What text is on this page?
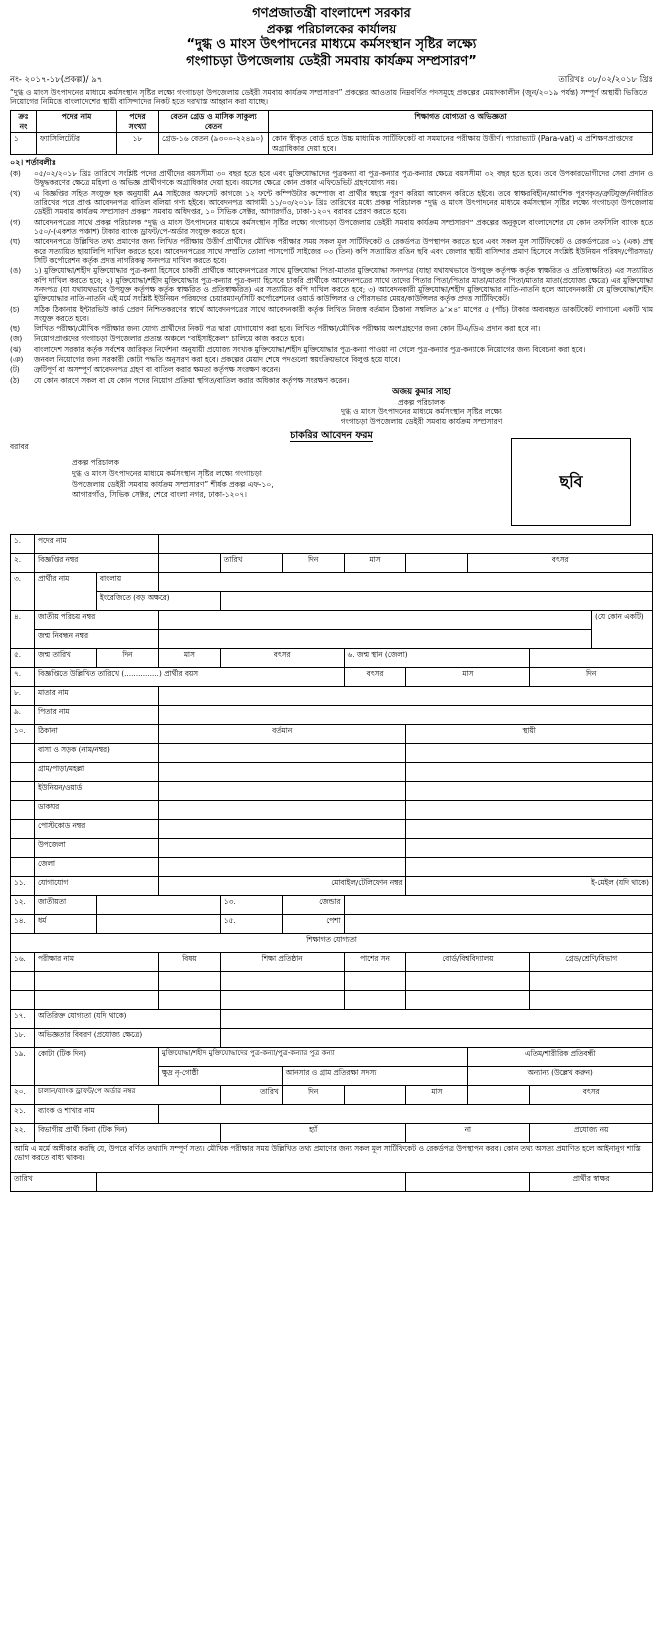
গণপ্রজাতন্ত্রী বাংলাদেশ সরকার
প্রকল্প পরিচালকের কার্যালয়
“দুগ্ধ ও মাংস উৎপাদনের মাধ্যমে কর্মসংস্থান সৃষ্টির লক্ষ্যে
গংগাচড়া উপজেলায় ডেইরী সমবায় কার্যক্রম সম্প্রসারণ”
নং- ২০১৭-১৮(প্রকল্প)/ ৯৭	তারিখঃ ০৮/০২/২০১৮ খ্রিঃ
“দুগ্ধ ও মাংস উৎপাদনের মাধ্যমে কর্মসংস্থান সৃষ্টির লক্ষ্যে গংগাচড়া উপজেলায় ডেইরী সমবায় কার্যক্রম সম্প্রসারণ” প্রকল্পের আওতায় নিম্নবর্ণিত পদসমূহে প্রকল্পের মেয়াদকালীন (জুন/২০১৯ পর্যন্ত) সম্পূর্ণ অস্থায়ী ভিত্তিতে নিয়োগের নিমিত্তে বাংলাদেশের স্থায়ী বাসিন্দাদের নিকট হতে দরখাস্ত আহ্বান করা যাচ্ছে।
ক্রঃ নং	পদের নাম	পদের সংখ্যা	বেতন গ্রেড ও মাসিক সাকুল্য বেতন	শিক্ষাগত যোগ্যতা ও অভিজ্ঞতা
১	ফ্যাসিলিটেটর	১৮	গ্রেড-১৬ বেতন (৯৩০০-২২৪৯০)	কোন স্বীকৃত বোর্ড হতে উচ্চ মাধ্যমিক সার্টিফিকেট বা সমমানের পরীক্ষায় উত্তীর্ণ। প্যারাভ্যাট (Para-vat) এ প্রশিক্ষণপ্রাপ্তদের অগ্রাধিকার দেয়া হবে।
০২। শর্তাবলীঃ
(ক)	০৫/০২/২০১৮ খ্রিঃ তারিখে সংশ্লিষ্ট পদের প্রার্থীদের বয়সসীমা ৩০ বছর হতে হবে এবং মুক্তিযোদ্ধাদের পুত্রকন্যা বা পুত্র-কন্যার পুত্র-কন্যার ক্ষেত্রে বয়সসীমা ৩২ বছর হতে হবে। তবে উপকারভোগীদের সেবা প্রদান ও উদ্বুদ্ধকরণের ক্ষেত্রে মহিলা ও অভিজ্ঞ প্রার্থীগণকে অগ্রাধিকার দেয়া হবে। বয়সের ক্ষেত্রে কোন প্রকার এফিডেভিট গ্রহণযোগ্য নয়।
(খ)	এ বিজ্ঞপ্তির সহিত সংযুক্ত ছক অনুযায়ী A4 সাইজের অফসেট কাগজে ১২ ফন্টে কম্পিউটার কম্পোজ বা প্রার্থীর স্বহস্তে পূরণ করিয়া আবেদন করিতে হইবে। তবে স্বাক্ষরবিহীন/আংশিক পূরণকৃত/ত্রুটিযুক্ত/নির্ধারিত তারিখের পরে প্রাপ্ত আবেদনপত্র বাতিল বলিয়া গণ্য হইবে। আবেদনপত্র আগামী ১১/০৩/২০১৮ খ্রিঃ তারিখের মধ্যে প্রকল্প পরিচালক “দুগ্ধ ও মাংস উৎপাদনের মাধ্যমে কর্মসংস্থান সৃষ্টির লক্ষ্যে গংগাচড়া উপজেলায় ডেইরী সমবায় কার্যক্রম সম্প্রসারণ প্রকল্প” সমবায় অধিদপ্তর, ১০ সিভিক সেক্টর, আগারগাঁও, ঢাকা-১২০৭ বরাবর প্রেরণ করতে হবে।
(গ)	আবেদনপত্রের সাথে প্রকল্প পরিচালক “দুগ্ধ ও মাংস উৎপাদনের মাধ্যমে কর্মসংস্থান সৃষ্টির লক্ষ্যে গংগাচড়া উপজেলায় ডেইরী সমবায় কার্যক্রম সম্প্রসারণ” প্রকল্পের অনুকূলে বাংলাদেশের যে কোন তফসিলি ব্যাংক হতে ১৫০/-(একশত পঞ্চাশ) টাকার ব্যাংক ড্রাফট/পে-অর্ডার সংযুক্ত করতে হবে।
(ঘ)	আবেদনপত্রে উল্লিখিত তথ্য প্রমাণের জন্য লিখিত পরীক্ষায় উত্তীর্ণ প্রার্থীদের মৌখিক পরীক্ষার সময় সকল মূল সার্টিফিকেট ও রেকর্ডপত্র উপস্থাপন করতে হবে এবং সকল মূল সার্টিফিকেট ও রেকর্ডপত্রের ০১ (এক) প্রস্থ করে সত্যায়িত ছায়ালিপি দাখিল করতে হবে। আবেদনপত্রের সাথে সম্প্রতি তোলা পাসপোর্ট সাইজের ০৩ (তিন) কপি সত্যায়িত রঙিন ছবি এবং জেলার স্থায়ী বাসিন্দার প্রমাণ হিসেবে সংশ্লিষ্ট ইউনিয়ন পরিষদ/পৌরসভা/সিটি কর্পোরেশন কর্তৃক প্রদত্ত নাগরিকত্ব সনদপত্র দাখিল করতে হবে।
(ঙ)	১) মুক্তিযোদ্ধা/শহীদ মুক্তিযোদ্ধার পুত্র-কন্যা হিসেবে চাকরী প্রার্থীকে আবেদনপত্রের সাথে মুক্তিযোদ্ধা পিতা-মাতার মুক্তিযোদ্ধা সনদপত্র (যাহা যথাযথভাবে উপযুক্ত কর্তৃপক্ষ কর্তৃক স্বাক্ষরিত ও প্রতিস্বাক্ষরিত) এর সত্যায়িত কপি দাখিল করতে হবে; ২) মুক্তিযোদ্ধা/শহীদ মুক্তিযোদ্ধার পুত্র-কন্যার পুত্র-কন্যা হিসেবে চাকরি প্রার্থীকে আবেদনপত্রের সাথে তাদের পিতার পিতা/পিতার মাতা/মাতার পিতা/মাতার মাতা(প্রযোজ্য ক্ষেত্রে) এর মুক্তিযোদ্ধা সনদপত্র (যা যথাযথভাবে উপযুক্ত কর্তৃপক্ষ কর্তৃক স্বাক্ষরিত ও প্রতিস্বাক্ষরিত) এর সত্যায়িত কপি দাখিল করতে হবে; ৩) আবেদনকারী মুক্তিযোদ্ধা/শহীদ মুক্তিযোদ্ধার নাতি-নাতনি হলে আবেদনকারী যে মুক্তিযোদ্ধা/শহীদ মুক্তিযোদ্ধার নাতি-নাতনি এই মর্মে সংশ্লিষ্ট ইউনিয়ন পরিষদের চেয়ারম্যান/সিটি কর্পোরেশনের ওয়ার্ড কাউন্সিলর ও পৌরসভার মেয়র/কাউন্সিলর কর্তৃক প্রদত্ত সার্টিফিকেট।
(চ)	সঠিক ঠিকানায় ইন্টারভিউ কার্ড প্রেরণ নিশ্চিতকরণের স্বার্থে আবেদনপত্রের সাথে আবেদনকারী কর্তৃক লিখিত নিজস্ব বর্তমান ঠিকানা সম্বলিত ৯″×৪″ মাপের ৫ (পাঁচ) টাকার অব্যবহৃত ডাকটিকেট লাগানো একটি খাম সংযুক্ত করতে হবে।
(ছ)	লিখিত পরীক্ষা/মৌখিক পরীক্ষার জন্য যোগ্য প্রার্থীদের নিকট পত্র দ্বারা যোগাযোগ করা হবে। লিখিত পরীক্ষা/মৌখিক পরীক্ষায় অংশগ্রহণের জন্য কোন টিএ/ডিএ প্রদান করা হবে না।
(জ)	নিয়োগপ্রাপ্তদের গংগাচড়া উপজেলার প্রত্যন্ত অঞ্চলে “বাইসাইকেল” চালিয়ে কাজ করতে হবে।
(ঝ)	বাংলাদেশ সরকার কর্তৃক সর্বশেষ জারিকৃত নির্দেশনা অনুযায়ী প্রযোজ্য সংখ্যক মুক্তিযোদ্ধা/শহীদ মুক্তিযোদ্ধার পুত্র-কন্যা পাওয়া না গেলে পুত্র-কন্যার পুত্র-কন্যাকে নিয়োগের জন্য বিবেচনা করা হবে।
(ঞ)	জনবল নিয়োগের জন্য সরকারী কোটা পদ্ধতি অনুসরণ করা হবে। প্রকল্পের মেয়াদ শেষে পদগুলো স্বয়ংক্রিয়ভাবে বিলুপ্ত হয়ে যাবে।
(ট)	ত্রুটিপূর্ণ বা অসম্পূর্ণ আবেদনপত্র গ্রহণ বা বাতিল করার ক্ষমতা কর্তৃপক্ষ সংরক্ষণ করেন।
(ঠ)	যে কোন কারণে সকল বা যে কোন পদের নিয়োগ প্রক্রিয়া স্থগিত/বাতিল করার অধিকার কর্তৃপক্ষ সংরক্ষণ করেন।
অজয় কুমার সাহা
প্রকল্প পরিচালক
দুগ্ধ ও মাংস উৎপাদনের মাধ্যমে কর্মসংস্থান সৃষ্টির লক্ষ্যে
গংগাচড়া উপজেলায় ডেইরী সমবায় কার্যক্রম সম্প্রসারণ
চাকরির আবেদন ফরম
বরাবর
প্রকল্প পরিচালক
দুগ্ধ ও মাংস উৎপাদনের মাধ্যমে কর্মসংস্থান সৃষ্টির লক্ষ্যে গংগাচড়া
উপজেলায় ডেইরী সমবায় কার্যক্রম সম্প্রসারণ” শীর্ষক প্রকল্প এফ-১০,
আগারগাঁও, সিভিক সেক্টর, শেরে বাংলা নগর, ঢাকা-১২০৭।
ছবি
১.	পদের নাম									
২.	বিজ্ঞপ্তির নম্বর			তারিখ	দিন	মাস		বৎসর		
৩.	প্রার্থীর নাম	বাংলায়								
		ইংরেজিতে (বড় অক্ষরে)								
৪.	জাতীয় পরিচয় নম্বর									(যে কোন একটি)
	জন্ম নিবন্ধন নম্বর									
৫.	জন্ম তারিখ	দিন	মাস	বৎসর		৬. জন্ম স্থান (জেলা)				
৭.	বিজ্ঞপ্তিতে উল্লিখিত তারিখে (...............) প্রার্থীর বয়স					বৎসর	মাস		দিন	
৮.	মাতার নাম									
৯.	পিতার নাম									
১০.	ঠিকানা		বর্তমান				স্থায়ী			
	বাসা ও সড়ক (নাম/নম্বর)									
	গ্রাম/পাড়া/মহল্লা									
	ইউনিয়ন/ওয়ার্ড									
	ডাকঘর									
	পোস্টকোড নম্বর									
	উপজেলা									
	জেলা									
১১.	যোগাযোগ		মোবাইল/টেলিফোন নম্বর				ই-মেইল (যদি থাকে)			
১২.	জাতীয়তা			১৩.	জেন্ডার					
১৪.	ধর্ম			১৫.	পেশা					
শিক্ষাগত যোগ্যতা										
১৬.	পরীক্ষার নাম		বিষয়	শিক্ষা প্রতিষ্ঠান		পাশের সন	বোর্ড/বিশ্ববিদ্যালয়		গ্রেড/শ্রেণি/বিভাগ	

১৭.	অতিরিক্ত যোগ্যতা (যদি থাকে)									
১৮.	অভিজ্ঞতার বিবরণ (প্রযোজ্য ক্ষেত্রে)									
১৯.	কোটা (টিক দিন)		মুক্তিযোদ্ধা/শহীদ মুক্তিযোদ্ধাদের পুত্র-কন্যা/পুত্র-কন্যার পুত্র কন্যা					এতিম/শারীরিক প্রতিবন্ধী		
			ক্ষুদ্র নৃ-গোষ্ঠী		আনসার ও গ্রাম প্রতিরক্ষা সদস্য			অন্যান্য (উল্লেখ করুন)		
২০.	চালান/ব্যাংক ড্রাফট/পে অর্ডার নম্বর			তারিখ	দিন		মাস		বৎসর	
২১.	ব্যাংক ও শাখার নাম									
২২.	বিভাগীয় প্রার্থী কিনা (টিক দিন)			হ্যাঁ			না		প্রযোজ্য নয়	
আমি এ মর্মে অঙ্গীকার করছি যে, উপরে বর্ণিত তথ্যাদি সম্পূর্ণ সত্য। মৌখিক পরীক্ষার সময় উল্লিখিত তথ্য প্রমাণের জন্য সকল মূল সার্টিফিকেট ও রেকর্ডপত্র উপস্থাপন করব। কোন তথ্য অসত্য প্রমাণিত হলে আইনানুগ শাস্তি ভোগ করতে বাধ্য থাকব।										
তারিখ									প্রার্থীর স্বাক্ষর	
